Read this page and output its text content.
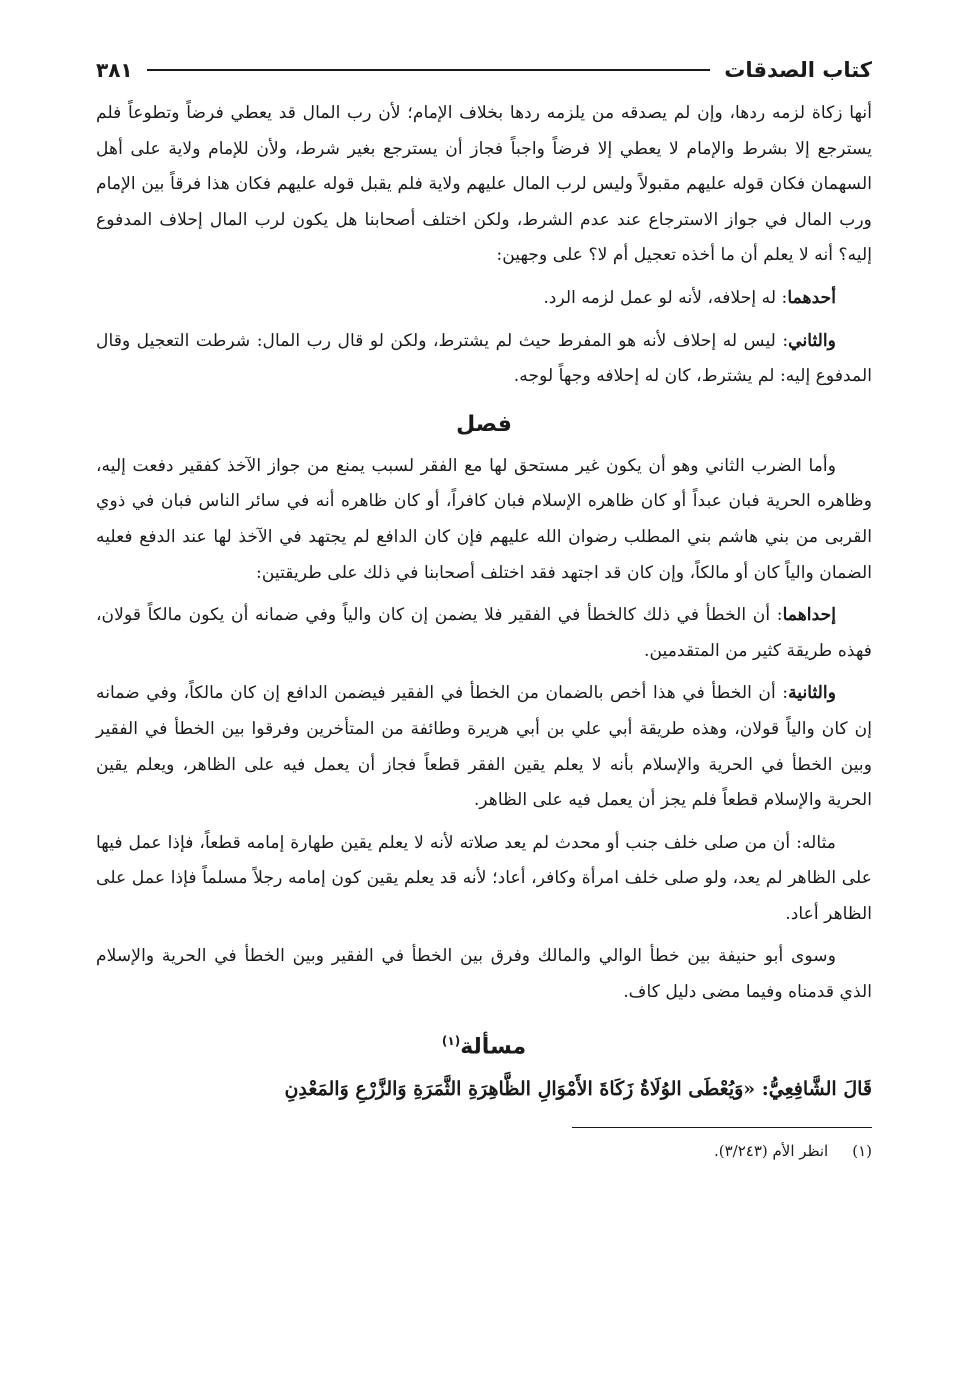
كتاب الصدقات
٣٨١

أنها زكاة لزمه ردها، وإن لم يصدقه من يلزمه ردها بخلاف الإمام؛ لأن رب المال قد يعطي فرضاً وتطوعاً فلم يسترجع إلا بشرط والإمام لا يعطي إلا فرضاً واجباً فجاز أن يسترجع بغير شرط، ولأن للإمام ولاية على أهل السهمان فكان قوله عليهم مقبولاً وليس لرب المال عليهم ولاية فلم يقبل قوله عليهم فكان هذا فرقاً بين الإمام ورب المال في جواز الاسترجاع عند عدم الشرط، ولكن اختلف أصحابنا هل يكون لرب المال إحلاف المدفوع إليه؟ أنه لا يعلم أن ما أخذه تعجيل أم لا؟ على وجهين:

أحدهما: له إحلافه، لأنه لو عمل لزمه الرد.

والثاني: ليس له إحلاف لأنه هو المفرط حيث لم يشترط، ولكن لو قال رب المال: شرطت التعجيل وقال المدفوع إليه: لم يشترط، كان له إحلافه وجهاً لوجه.

فصل

وأما الضرب الثاني وهو أن يكون غير مستحق لها مع الفقر لسبب يمنع من جواز الآخذ كفقير دفعت إليه، وظاهره الحرية فبان عبداً أو كان ظاهره الإسلام فبان كافراً، أو كان ظاهره أنه في سائر الناس فبان في ذوي القربى من بني هاشم بني المطلب رضوان الله عليهم فإن كان الدافع لم يجتهد في الآخذ لها عند الدفع فعليه الضمان والياً كان أو مالكاً، وإن كان قد اجتهد فقد اختلف أصحابنا في ذلك على طريقتين:

إحداهما: أن الخطأ في ذلك كالخطأ في الفقير فلا يضمن إن كان والياً وفي ضمانه أن يكون مالكاً قولان، فهذه طريقة كثير من المتقدمين.

والثانية: أن الخطأ في هذا أخص بالضمان من الخطأ في الفقير فيضمن الدافع إن كان مالكاً، وفي ضمانه إن كان والياً قولان، وهذه طريقة أبي علي بن أبي هريرة وطائفة من المتأخرين وفرقوا بين الخطأ في الفقير وبين الخطأ في الحرية والإسلام بأنه لا يعلم يقين الفقر قطعاً فجاز أن يعمل فيه على الظاهر، ويعلم يقين الحرية والإسلام قطعاً فلم يجز أن يعمل فيه على الظاهر.

مثاله: أن من صلى خلف جنب أو محدث لم يعد صلاته لأنه لا يعلم يقين طهارة إمامه قطعاً، فإذا عمل فيها على الظاهر لم يعد، ولو صلى خلف امرأة وكافر، أعاد؛ لأنه قد يعلم يقين كون إمامه رجلاً مسلماً فإذا عمل على الظاهر أعاد.

وسوى أبو حنيفة بين خطأ الوالي والمالك وفرق بين الخطأ في الفقير وبين الخطأ في الحرية والإسلام الذي قدمناه وفيما مضى دليل كاف.

مسألة$^{(١)}$

قَالَ الشَّافِعِيُّ: «وَيُعْطَى الوُلَاةُ زَكَاةَ الأَمْوَالِ الظَّاهِرَةِ الثَّمَرَةِ وَالزَّرْعِ وَالمَعْدِنِ

(١)انظر الأم (٣/٢٤٣).
